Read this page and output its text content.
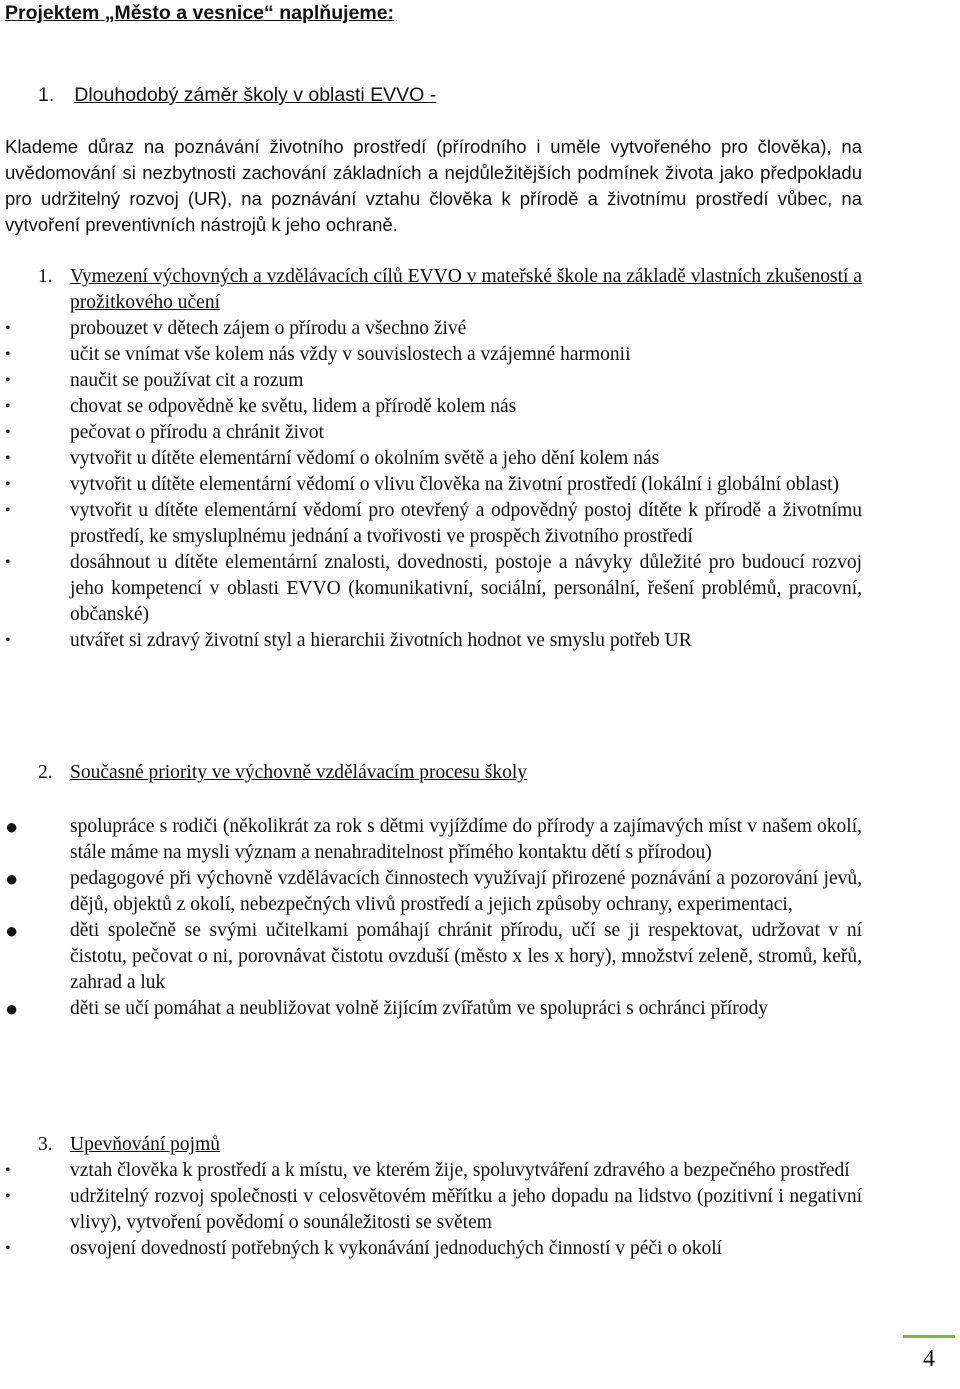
Projektem „Město a vesnice“ naplňujeme:
1. Dlouhodobý záměr školy v oblasti EVVO -
Klademe důraz na poznávání životního prostředí (přírodního i uměle vytvořeného pro člověka), na uvědomování si nezbytnosti zachování základních a nejdůležitějších podmínek života jako předpokladu pro udržitelný rozvoj (UR), na poznávání vztahu člověka k přírodě a životnímu prostředí vůbec, na vytvoření preventivních nástrojů k jeho ochraně.
1. Vymezení výchovných a vzdělávacích cílů EVVO v mateřské škole na základě vlastních zkušeností a prožitkového učení
•	probouzet v dětech zájem o přírodu a všechno živé
•	učit se vnímat vše kolem nás vždy v souvislostech a vzájemné harmonii
•	naučit se používat cit a rozum
•	chovat se odpovědně ke světu, lidem a přírodě kolem nás
•	pečovat o přírodu a chránit život
•	vytvořit u dítěte elementární vědomí o okolním světě a jeho dění kolem nás
•	vytvořit u dítěte elementární vědomí o vlivu člověka na životní prostředí (lokální i globální oblast)
•	vytvořit u dítěte elementární vědomí pro otevřený a odpovědný postoj dítěte k přírodě a životnímu prostředí, ke smysluplnému jednání a tvořivosti ve prospěch životního prostředí
•	dosáhnout u dítěte elementární znalosti, dovednosti, postoje a návyky důležité pro budoucí rozvoj jeho kompetencí v oblasti EVVO (komunikativní, sociální, personální, řešení problémů, pracovní, občanské)
•	utvářet si zdravý životní styl a hierarchii životních hodnot ve smyslu potřeb UR
2. Současné priority ve výchovně vzdělávacím procesu školy
●	spolupráce s rodiči (několikrát za rok s dětmi vyjíždíme do přírody a zajímavých míst v našem okolí, stále máme na mysli význam a nenahraditelnost přímého kontaktu dětí s přírodou)
●	pedagogové při výchovně vzdělávacích činnostech využívají přirozené poznávání a pozorování jevů, dějů, objektů z okolí, nebezpečných vlivů prostředí a jejich způsoby ochrany, experimentaci,
●	děti společně se svými učitelkami pomáhají chránit přírodu, učí se ji respektovat, udržovat v ní čistotu, pečovat o ni, porovnávat čistotu ovzduší (město x les x hory), množství zeleně, stromů, keřů, zahrad a luk
●	děti se učí pomáhat a neubližovat volně žijícím zvířatům ve spolupráci s ochránci přírody
3. Upevňování pojmů
•	vztah člověka k prostředí a k místu, ve kterém žije, spoluvytváření zdravého a bezpečného prostředí
•	udržitelný rozvoj společnosti v celosvětovém měřítku a jeho dopadu na lidstvo (pozitivní i negativní vlivy), vytvoření povědomí o sounáležitosti se světem
•	osvojení dovedností potřebných k vykonávání jednoduchých činností v péči o okolí
4
